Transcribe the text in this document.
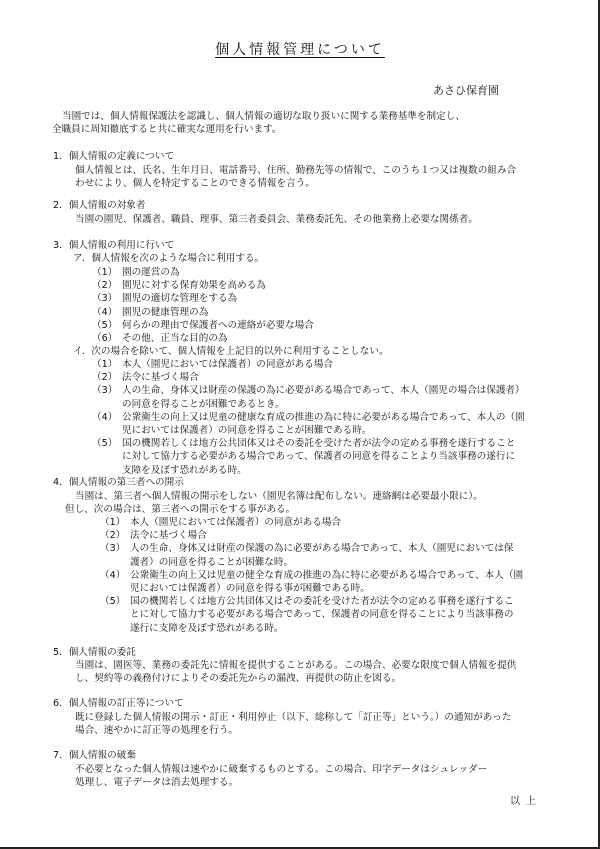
個人情報管理について
あさひ保育園
当園では、個人情報保護法を認識し、個人情報の適切な取り扱いに関する業務基準を制定し、
全職員に周知徹底すると共に確実な運用を行います。
1．個人情報の定義について
個人情報とは、氏名、生年月日、電話番号、住所、勤務先等の情報で、このうち１つ又は複数の組み合
わせにより、個人を特定することのできる情報を言う。
2．個人情報の対象者
当園の園児、保護者、職員、理事、第三者委員会、業務委託先、その他業務上必要な関係者。
3．個人情報の利用に行いて
ア．個人情報を次のような場合に利用する。
（1） 園の運営の為
（2） 園児に対する保育効果を高める為
（3） 園児の適切な管理をする為
（4） 園児の健康管理の為
（5） 何らかの理由で保護者への連絡が必要な場合
（6） その他、正当な目的の為
イ．次の場合を除いて、個人情報を上記目的以外に利用することしない。
（1） 本人（園児においては保護者）の同意がある場合
（2） 法令に基づく場合
（3） 人の生命、身体又は財産の保護の為に必要がある場合であって、本人（園児の場合は保護者）
の同意を得ることが困難であるとき。
（4） 公衆衛生の向上又は児童の健康な育成の推進の為に特に必要がある場合であって、本人の（園
児においては保護者）の同意を得ることが困難である時。
（5） 国の機関若しくは地方公共団体又はその委託を受けた者が法令の定める事務を遂行すること
に対して協力する必要がある場合であって、保護者の同意を得ることより当該事務の遂行に
支障を及ぼす恐れがある時。
4．個人情報の第三者への開示
当園は、第三者へ個人情報の開示をしない（園児名簿は配布しない。連絡網は必要最小限に）。
但し、次の場合は、第三者への開示をする事がある。
（1） 本人（園児においては保護者）の同意がある場合
（2） 法令に基づく場合
（3） 人の生命、身体又は財産の保護の為に必要がある場合であって、本人（園児においては保
護者）の同意を得ることが困難な時。
（4） 公衆衛生の向上又は児童の健全な育成の推進の為に特に必要がある場合であって、本人（園
児においては保護者）の同意を得る事が困難である時。
（5） 国の機関若しくは地方公共団体又はその委託を受けた者が法令の定める事務を遂行するこ
とに対して協力する必要がある場合であって、保護者の同意を得ることにより当該事務の
遂行に支障を及ぼす恐れがある時。
5．個人情報の委託
当園は、園医等、業務の委託先に情報を提供することがある。この場合、必要な限度で個人情報を提供
し、契約等の義務付けによりその委託先からの漏洩、再提供の防止を図る。
6．個人情報の訂正等について
既に登録した個人情報の開示・訂正・利用停止（以下、総称して「訂正等」という。）の通知があった
場合、速やかに訂正等の処理を行う。
7．個人情報の破棄
不必要となった個人情報は速やかに破棄するものとする。この場合、印字データはシュレッダー
処理し、電子データは消去処理する。
以上
